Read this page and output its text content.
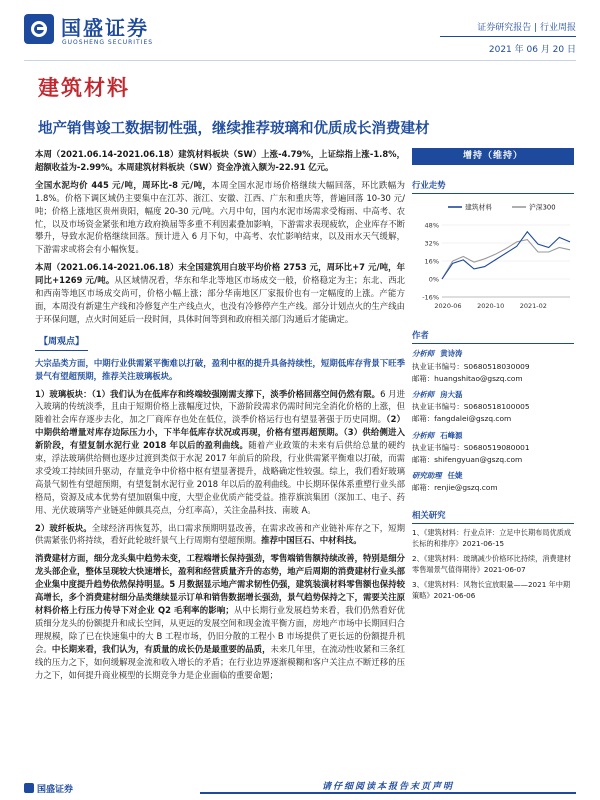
国盛证券
GUOSHENG SECURITIES
证券研究报告 | 行业周报
2021 年 06 月 20 日
建筑材料
地产销售竣工数据韧性强，继续推荐玻璃和优质成长消费建材

本周（2021.06.14-2021.06.18）建筑材料板块（SW）上涨-4.79%，上证综指上涨-1.8%，超额收益为-2.99%。本周建筑材料板块（SW）资金净流入额为-22.91 亿元。

全国水泥均价 445 元/吨，周环比-8 元/吨，本周全国水泥市场价格继续大幅回落，环比跌幅为 1.8%。价格下调区域仍主要集中在江苏、浙江、安徽、江西、广东和重庆等，普遍回落 10-30 元/吨；价格上涨地区贵州贵阳，幅度 20-30 元/吨。六月中旬，国内水泥市场需求受梅雨、中高考、农忙，以及市场资金紧张和地方政府换届等多重不利因素叠加影响，下游需求表现疲软，企业库存不断攀升，导致水泥价格继续回落。预计进入 6 月下旬，中高考、农忙影响结束，以及雨水天气缓解，下游需求或将会有小幅恢复。

本周（2021.06.14-2021.06.18）末全国建筑用白玻平均价格 2753 元，周环比+7 元/吨，年同比+1269 元/吨。从区域情况看，华东和华北等地区市场成交一般，价格稳定为主；东北、西北和西南等地区市场成交尚可，价格小幅上涨；部分华南地区厂家报价也有一定幅度的上涨。产能方面，本周没有新建生产线和冷修复产生产线点火，也没有冷修停产生产线。部分计划点火的生产线由于环保问题，点火时间延后一段时间，具体时间等到和政府相关部门沟通后才能确定。

【周观点】

大宗品类方面，中期行业供需紧平衡难以打破，盈利中枢的提升具备持续性，短期低库存背景下旺季景气有望超预期，推荐关注玻璃板块。

1）玻璃板块：（1）我们认为在低库存和终端较强刚需支撑下，淡季价格回落空间仍然有限。6 月进入玻璃的传统淡季，且由于短期价格上涨幅度过快，下游阶段需求仍需时间完全消化价格的上涨，但随着社会库存逐步去化，加之厂商库存也处在低位，淡季价格运行也有望显著强于历史同期。（2）中期供给增量对库存边际压力小，下半年低库存状况或再现，价格有望再超预期。（3）供给侧进入新阶段，有望复制水泥行业 2018 年以后的盈利曲线。随着产业政策的未来有后供给总量的硬约束，浮法玻璃供给侧也逐步过渡到类似于水泥 2017 年前后的阶段，行业供需紧平衡难以打破，而需求受竣工持续回升驱动，存量竞争中价格中枢有望显著提升，战略确定性较强。综上，我们看好玻璃高景气韧性有望超预期，有望复制水泥行业 2018 年以后的盈利曲线。中长期环保体系重塑行业头部格局，资源及成本优势有望加剧集中度，大型企业优质产能受益。推荐旗滨集团（深加工、电子、药用、光伏玻璃等产业链延伸颇具亮点，分红率高），关注金晶科技、南玻 A。

2）玻纤板块。全球经济再恢复苏，出口需求预期明显改善，在需求改善和产业链补库存之下，短期供需紧张仍将持续，看好此轮玻纤景气上行周期有望超预期。推荐中国巨石、中材科技。

消费建材方面，细分龙头集中趋势未变，工程端增长保持强劲，零售端销售额持续改善，特别是细分龙头部企业，整体呈现较大快速增长，盈利和经营质量齐升的态势，地产后周期的消费建材行业头部企业集中度提升趋势依然保持明显。5 月数据显示地产需求韧性仍强，建筑装潢材料零售额也保持较高增长，多个消费建材细分品类继续显示订单和销售数据增长强劲，景气趋势保持之下，需要关注原材料价格上行压力传导下对企业 Q2 毛利率的影响；从中长期行业发展趋势来看，我们仍然看好优质细分龙头的份额提升和成长空间，从更远的发展空间和现金流平衡方面，房地产市场中长期回归合理规模，除了已在快速集中的大 B 工程市场，仍旧分散的工程小 B 市场提供了更长远的份额提升机会。中长期来看，我们认为，有质量的成长仍是最重要的品质，未来几年里，在流动性收紧和三条红线的压力之下，如何缓解现金流和收入增长的矛盾；在行业边界逐渐模糊和客户关注点不断迁移的压力之下，如何提升商业模型的长期竞争力是企业面临的重要命题；

增持（维持）
行业走势
48%
32%
16%
0%
-16%
2020-06 2020-10 2021-02
建筑材料	沪深300
作者
分析师 黄诗涛
执业证书编号：S0680518030009
邮箱：huangshitao@gszq.com
分析师 房大磊
执业证书编号：S0680518100005
邮箱：fangdalei@gszq.com
分析师 石峰源
执业证书编号：S0680519080001
邮箱：shifengyuan@gszq.com
研究助理 任婕
邮箱：renjie@gszq.com
相关研究
1、《建筑材料：行业点评：立足中长期布局优质成长标的和排序》2021-06-15
2、《建筑材料：玻璃减少价格环比持续，消费建材零售端景气值得期待》2021-06-07
3、《建筑材料：风物长宜放眼量——2021 年中期策略》2021-06-06
国盛证券	请仔细阅读本报告末页声明
